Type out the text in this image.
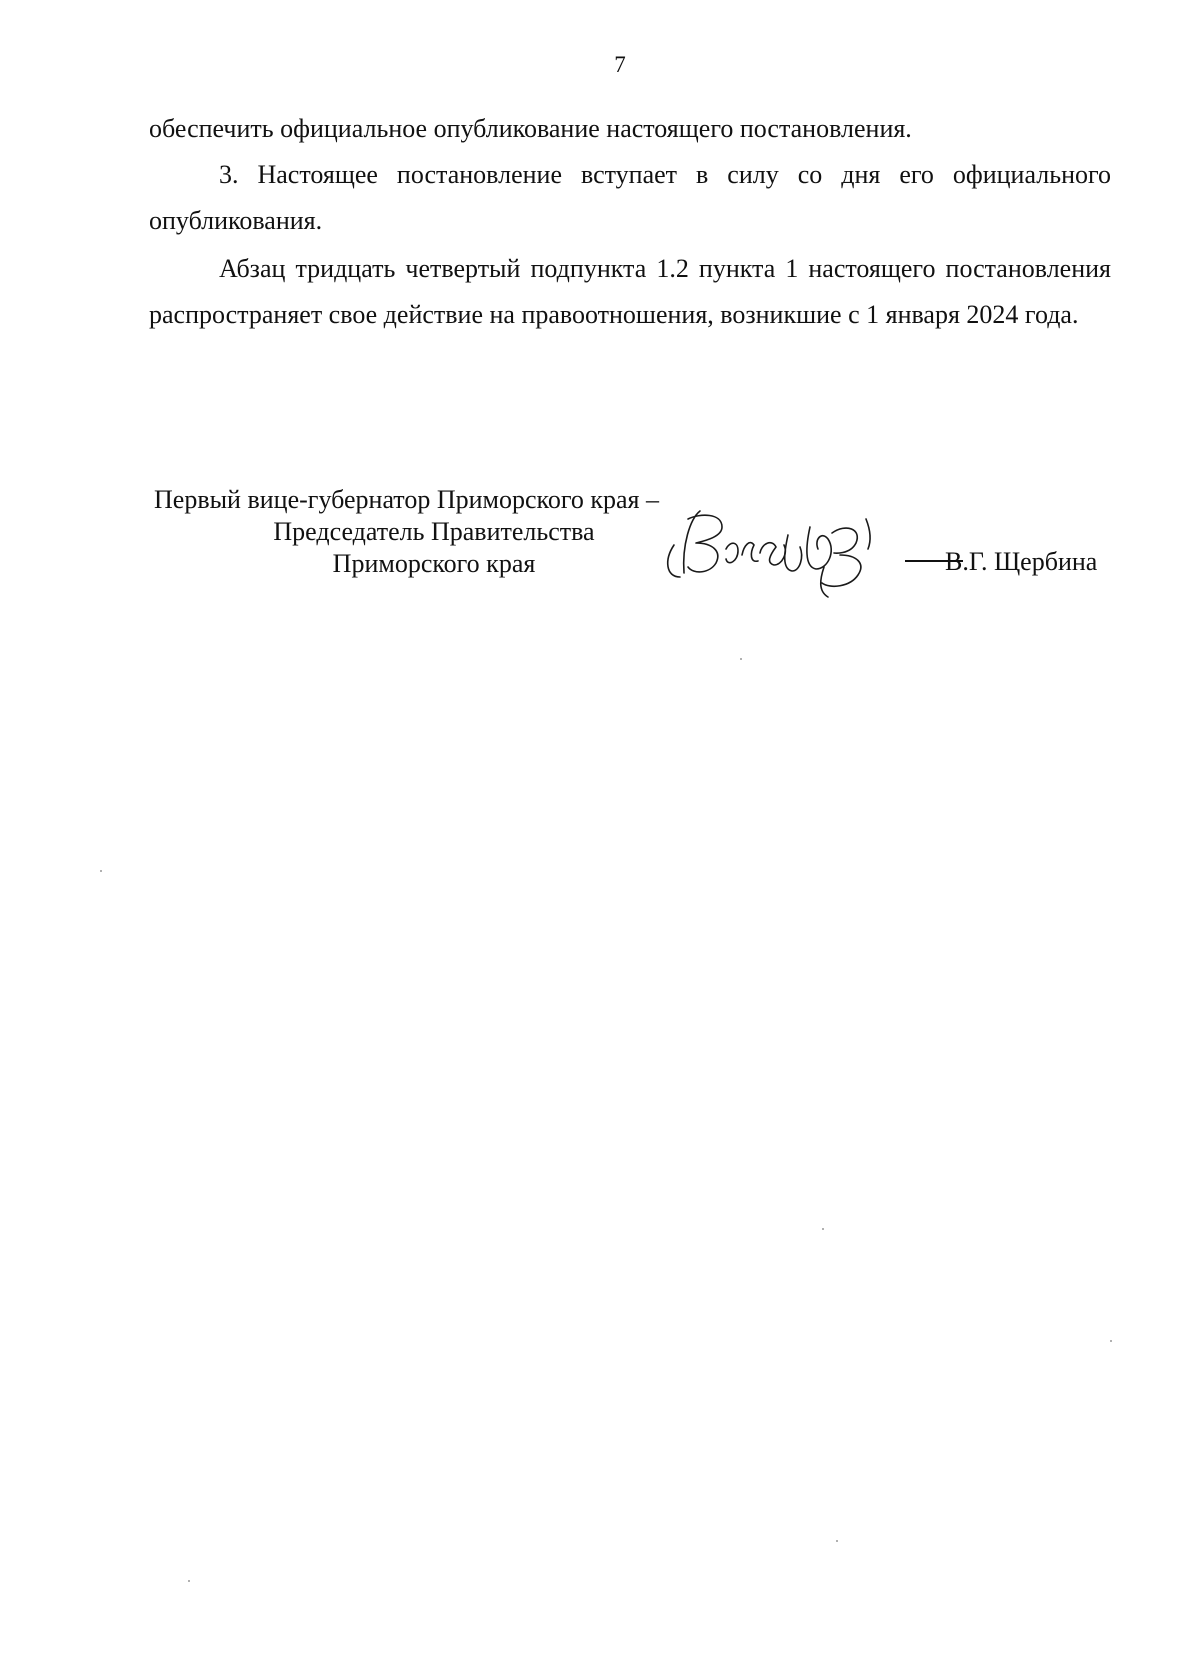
7

обеспечить официальное опубликование настоящего постановления.

3. Настоящее постановление вступает в силу со дня его официального опубликования.

Абзац тридцать четвертый подпункта 1.2 пункта 1 настоящего постановления распространяет свое действие на правоотношения, возникшие с 1 января 2024 года.

Первый вице-губернатор Приморского края –
Председатель Правительства
Приморского края	В.Г. Щербина
